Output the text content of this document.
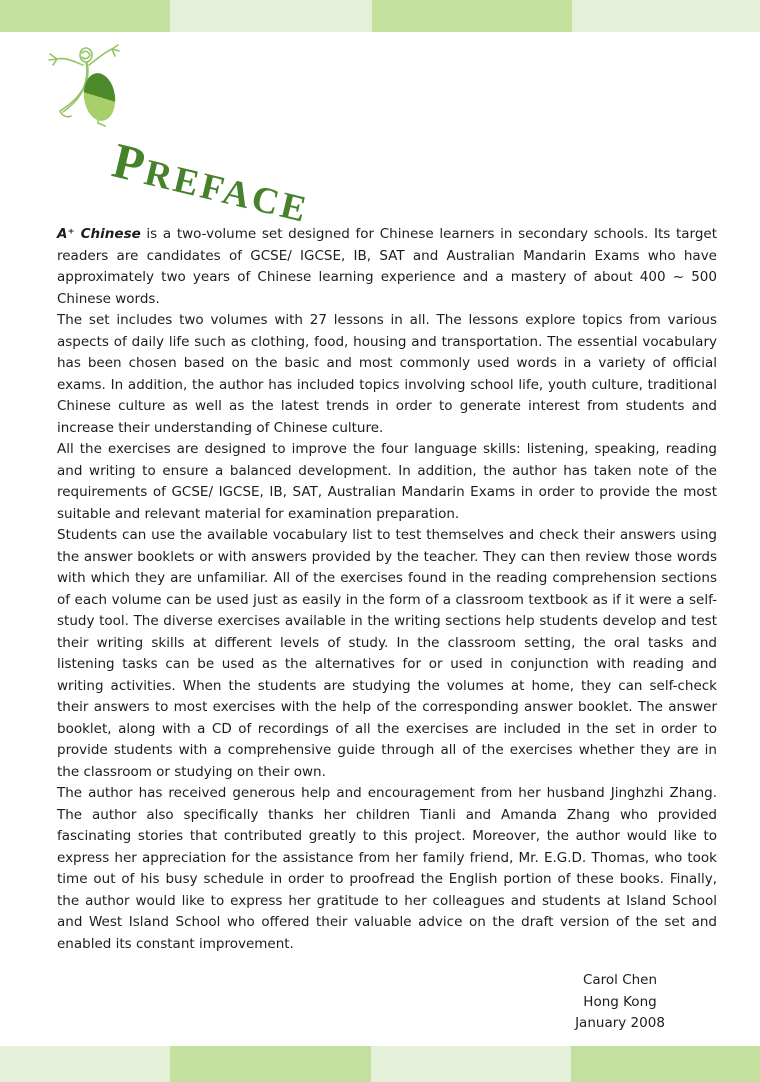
PREFACE

A⁺ Chinese is a two-volume set designed for Chinese learners in secondary schools. Its target readers are candidates of GCSE/ IGCSE, IB, SAT and Australian Mandarin Exams who have approximately two years of Chinese learning experience and a mastery of about 400 ~ 500 Chinese words.

The set includes two volumes with 27 lessons in all. The lessons explore topics from various aspects of daily life such as clothing, food, housing and transportation. The essential vocabulary has been chosen based on the basic and most commonly used words in a variety of official exams. In addition, the author has included topics involving school life, youth culture, traditional Chinese culture as well as the latest trends in order to generate interest from students and increase their understanding of Chinese culture.

All the exercises are designed to improve the four language skills: listening, speaking, reading and writing to ensure a balanced development. In addition, the author has taken note of the requirements of GCSE/ IGCSE, IB, SAT, Australian Mandarin Exams in order to provide the most suitable and relevant material for examination preparation.

Students can use the available vocabulary list to test themselves and check their answers using the answer booklets or with answers provided by the teacher. They can then review those words with which they are unfamiliar. All of the exercises found in the reading comprehension sections of each volume can be used just as easily in the form of a classroom textbook as if it were a self-study tool. The diverse exercises available in the writing sections help students develop and test their writing skills at different levels of study. In the classroom setting, the oral tasks and listening tasks can be used as the alternatives for or used in conjunction with reading and writing activities. When the students are studying the volumes at home, they can self-check their answers to most exercises with the help of the corresponding answer booklet. The answer booklet, along with a CD of recordings of all the exercises are included in the set in order to provide students with a comprehensive guide through all of the exercises whether they are in the classroom or studying on their own.

The author has received generous help and encouragement from her husband Jinghzhi Zhang. The author also specifically thanks her children Tianli and Amanda Zhang who provided fascinating stories that contributed greatly to this project. Moreover, the author would like to express her appreciation for the assistance from her family friend, Mr. E.G.D. Thomas, who took time out of his busy schedule in order to proofread the English portion of these books. Finally, the author would like to express her gratitude to her colleagues and students at Island School and West Island School who offered their valuable advice on the draft version of the set and enabled its constant improvement.

Carol Chen
Hong Kong
January 2008
